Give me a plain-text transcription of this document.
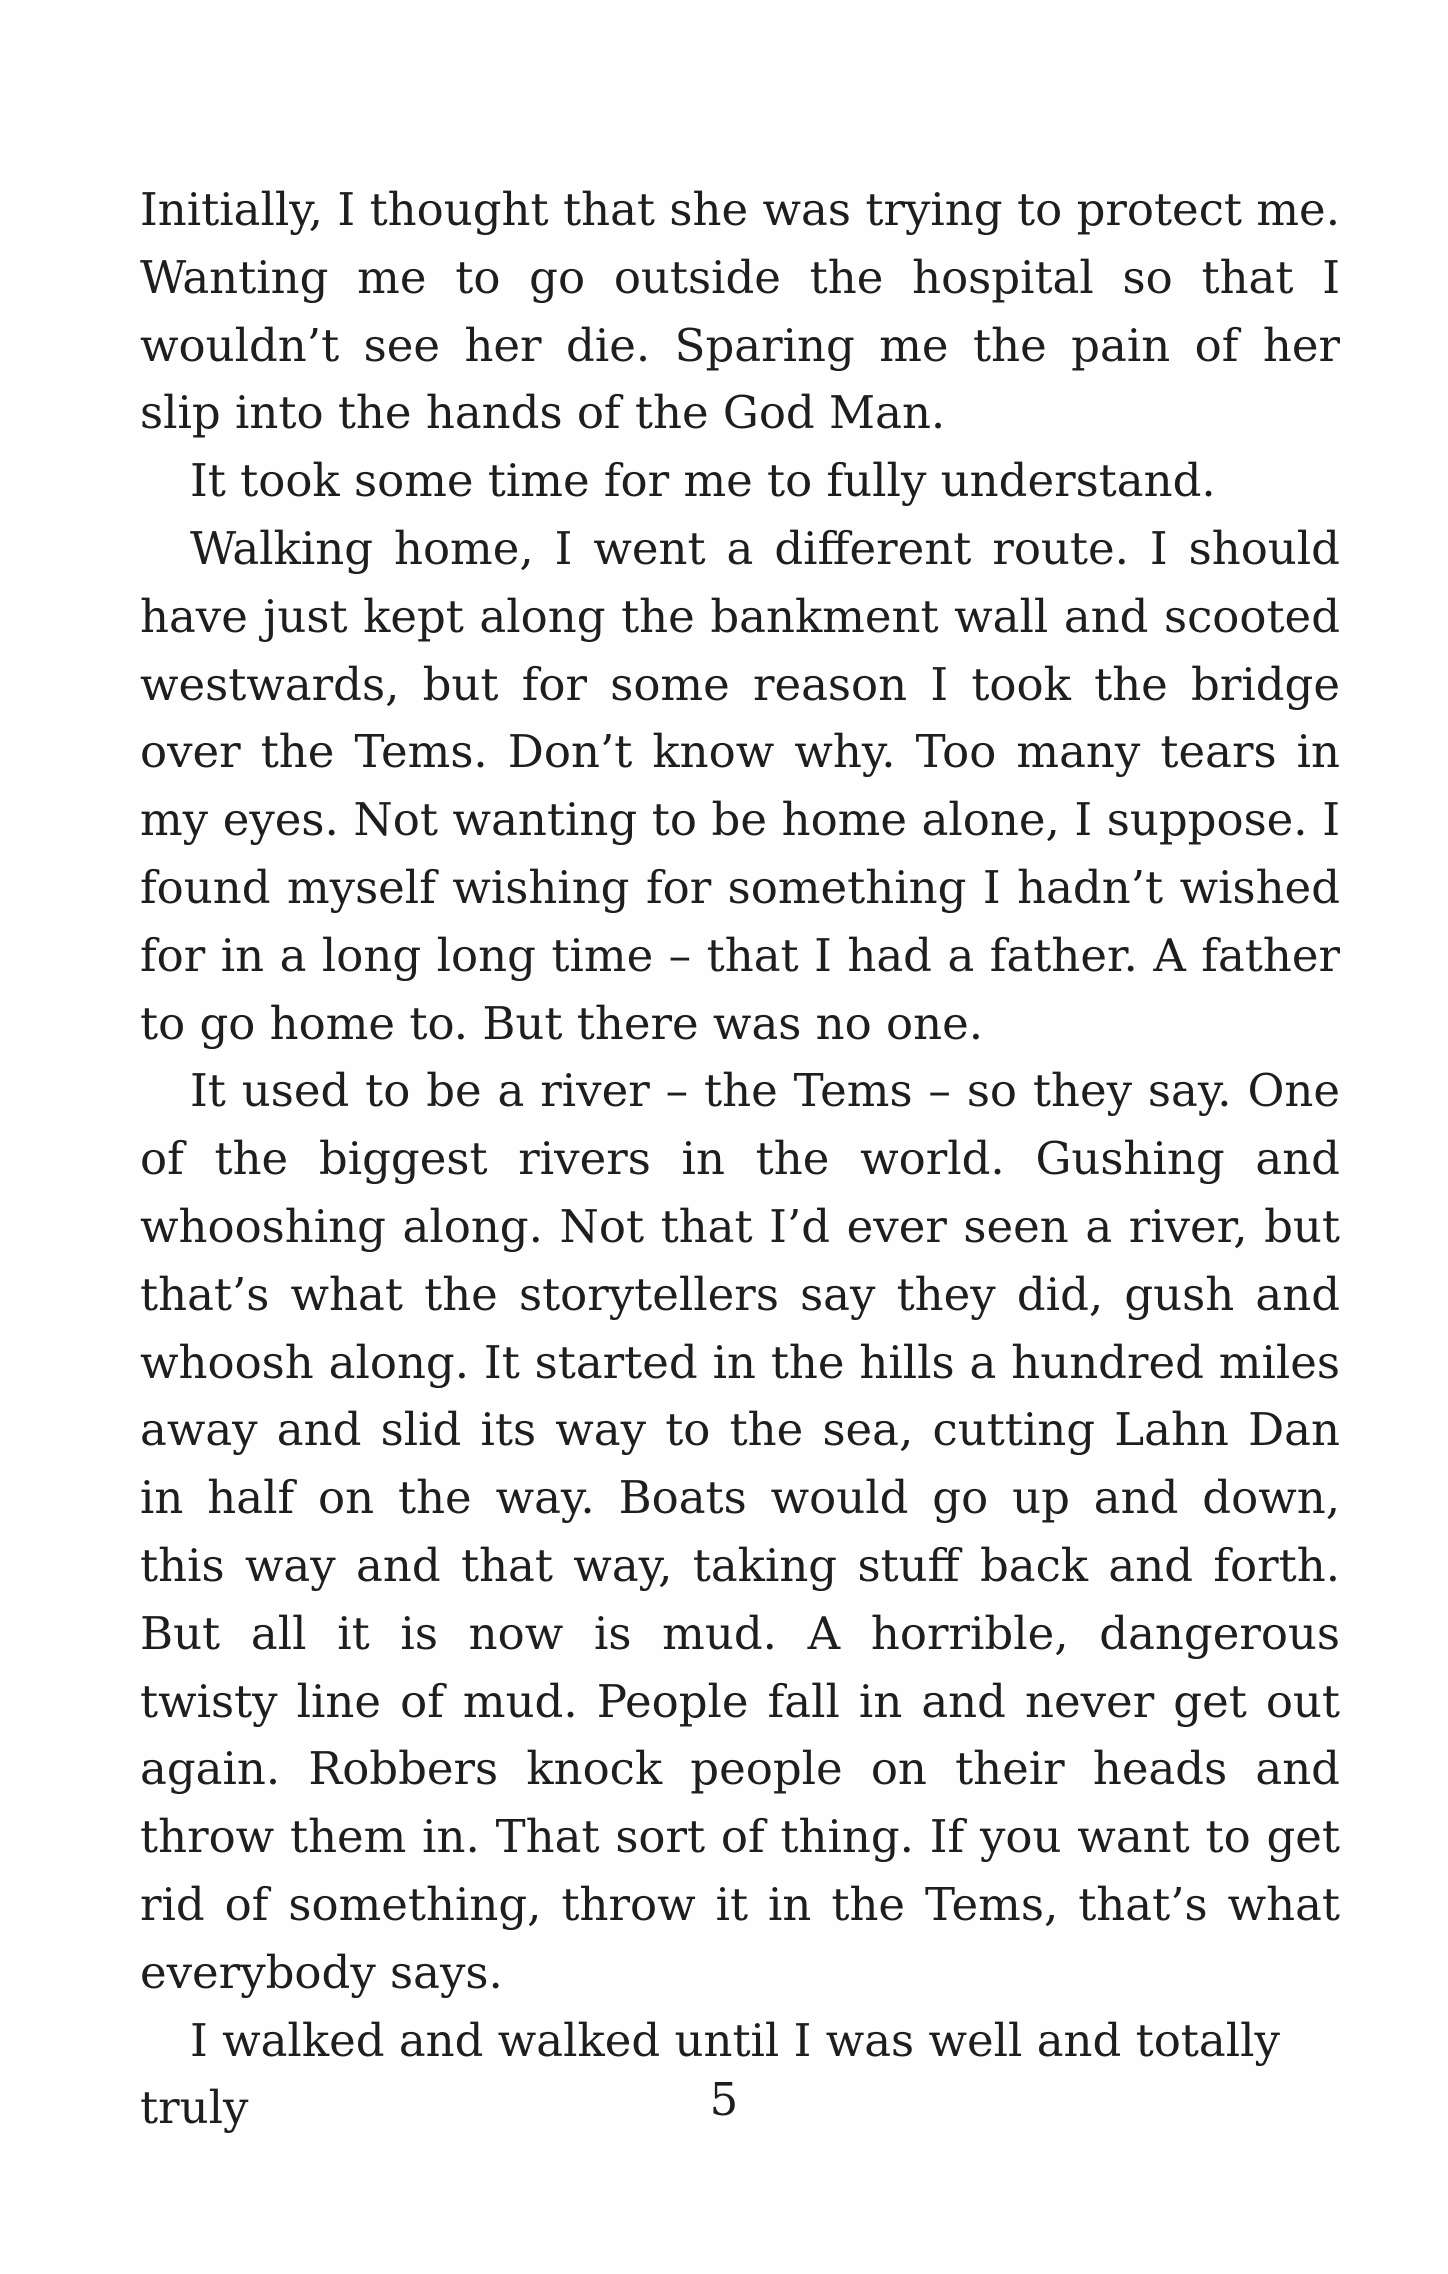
Initially, I thought that she was trying to protect me. Wanting me to go outside the hospital so that I wouldn’t see her die. Sparing me the pain of her slip into the hands of the God Man.

It took some time for me to fully understand.

Walking home, I went a different route. I should have just kept along the bankment wall and scooted westwards, but for some reason I took the bridge over the Tems. Don’t know why. Too many tears in my eyes. Not wanting to be home alone, I suppose. I found myself wishing for something I hadn’t wished for in a long long time – that I had a father. A father to go home to. But there was no one.

It used to be a river – the Tems – so they say. One of the biggest rivers in the world. Gushing and whooshing along. Not that I’d ever seen a river, but that’s what the storytellers say they did, gush and whoosh along. It started in the hills a hundred miles away and slid its way to the sea, cutting Lahn Dan in half on the way. Boats would go up and down, this way and that way, taking stuff back and forth. But all it is now is mud. A horrible, dangerous twisty line of mud. People fall in and never get out again. Robbers knock people on their heads and throw them in. That sort of thing. If you want to get rid of something, throw it in the Tems, that’s what everybody says.

I walked and walked until I was well and totally truly	5
